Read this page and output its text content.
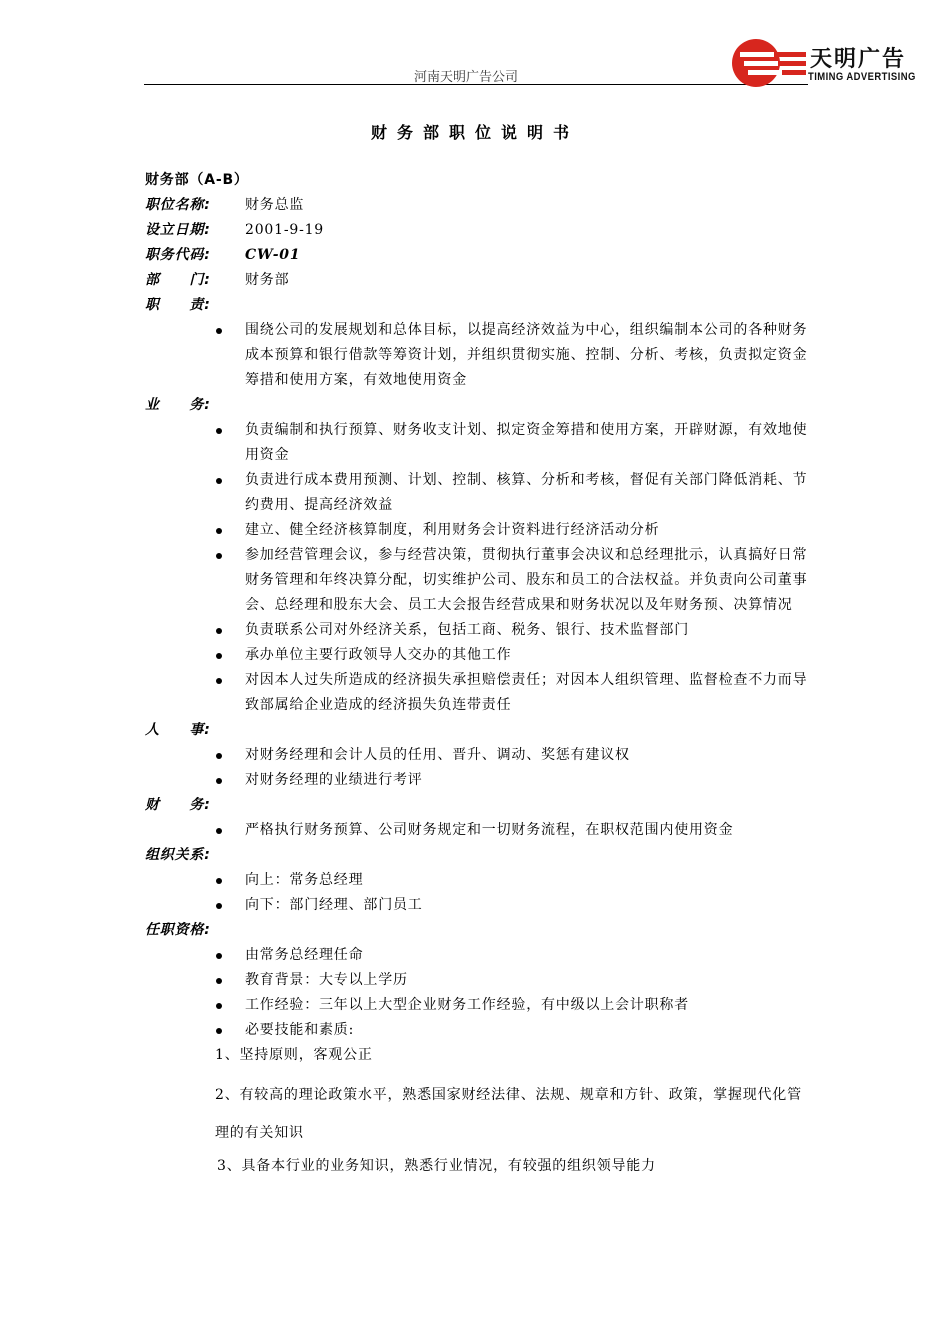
河南天明广告公司
天明广告
TIMING ADVERTISING
财务部职位说明书
财务部（A-B）
职位名称: 财务总监
设立日期: 2001-9-19
职务代码: CW-01
部　　门: 财务部
职　　责:
围绕公司的发展规划和总体目标，以提高经济效益为中心，组织编制本公司的各种财务成本预算和银行借款等筹资计划，并组织贯彻实施、控制、分析、考核，负责拟定资金筹措和使用方案，有效地使用资金
业　　务:
负责编制和执行预算、财务收支计划、拟定资金筹措和使用方案，开辟财源，有效地使用资金
负责进行成本费用预测、计划、控制、核算、分析和考核，督促有关部门降低消耗、节约费用、提高经济效益
建立、健全经济核算制度，利用财务会计资料进行经济活动分析
参加经营管理会议，参与经营决策，贯彻执行董事会决议和总经理批示，认真搞好日常财务管理和年终决算分配，切实维护公司、股东和员工的合法权益。并负责向公司董事会、总经理和股东大会、员工大会报告经营成果和财务状况以及年财务预、决算情况
负责联系公司对外经济关系，包括工商、税务、银行、技术监督部门
承办单位主要行政领导人交办的其他工作
对因本人过失所造成的经济损失承担赔偿责任；对因本人组织管理、监督检查不力而导致部属给企业造成的经济损失负连带责任
人　　事:
对财务经理和会计人员的任用、晋升、调动、奖惩有建议权
对财务经理的业绩进行考评
财　　务:
严格执行财务预算、公司财务规定和一切财务流程，在职权范围内使用资金
组织关系:
向上：常务总经理
向下：部门经理、部门员工
任职资格:
由常务总经理任命
教育背景：大专以上学历
工作经验：三年以上大型企业财务工作经验，有中级以上会计职称者
必要技能和素质:
1、坚持原则，客观公正
2、有较高的理论政策水平，熟悉国家财经法律、法规、规章和方针、政策，掌握现代化管理的有关知识
3、具备本行业的业务知识，熟悉行业情况，有较强的组织领导能力
